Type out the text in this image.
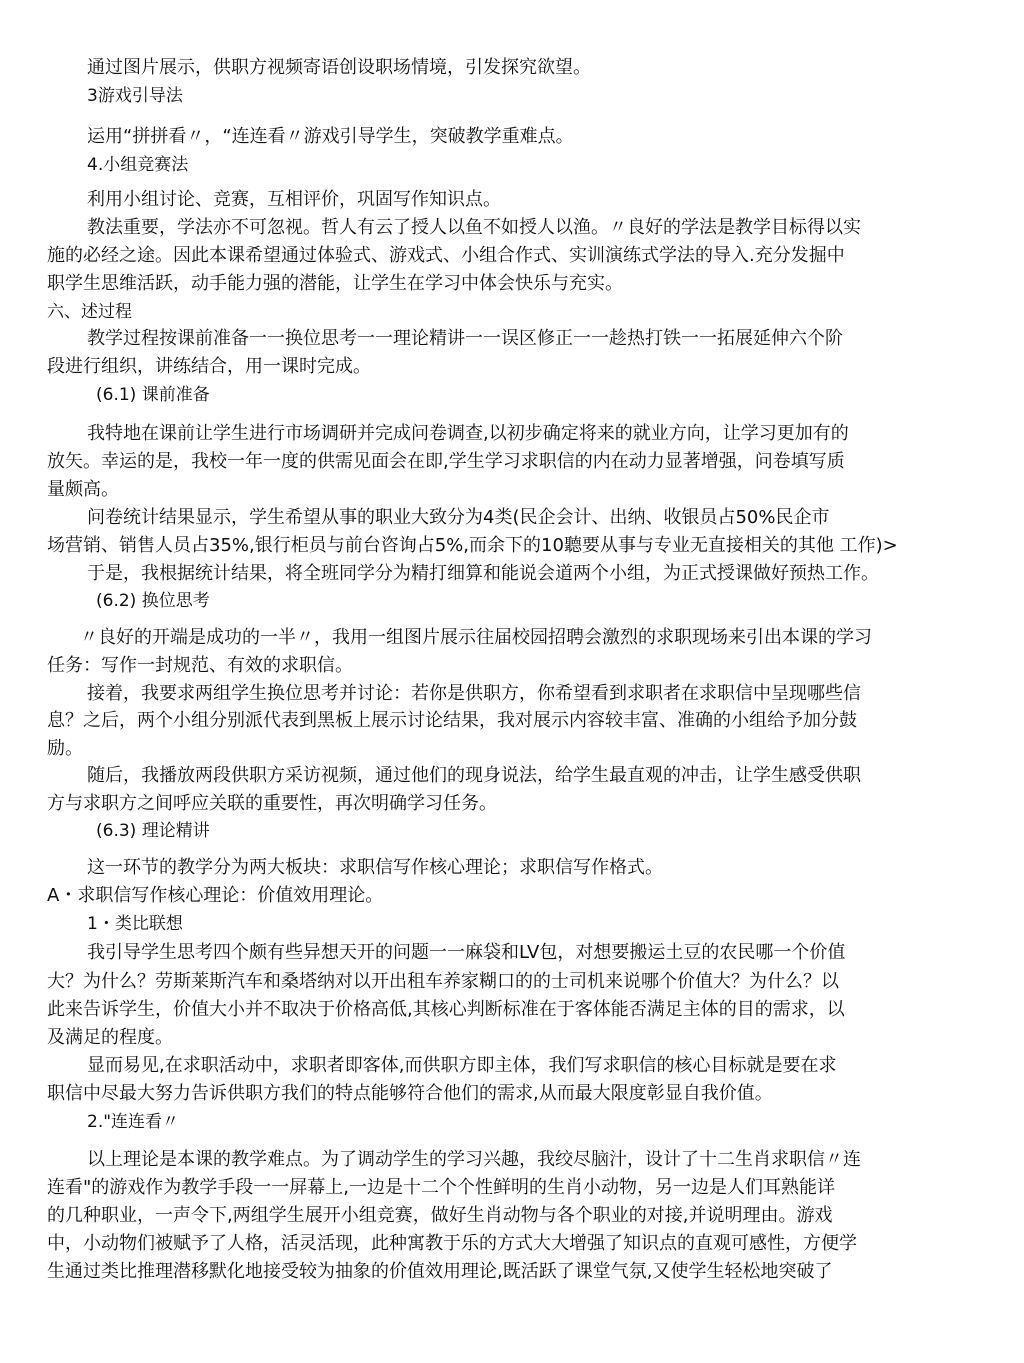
通过图片展示，供职方视频寄语创设职场情境，引发探究欲望。
3游戏引导法
运用“拼拼看〃，“连连看〃游戏引导学生，突破教学重难点。
4.小组竞赛法
利用小组讨论、竞赛，互相评价，巩固写作知识点。
教法重要，学法亦不可忽视。哲人有云了授人以鱼不如授人以渔。〃良好的学法是教学目标得以实
施的必经之途。因此本课希望通过体验式、游戏式、小组合作式、实训演练式学法的导入.充分发掘中
职学生思维活跃，动手能力强的潜能，让学生在学习中体会快乐与充实。
六、述过程
教学过程按课前准备一一换位思考一一理论精讲一一误区修正一一趁热打铁一一拓展延伸六个阶
段进行组织，讲练结合，用一课时完成。
(6.1) 课前准备
我特地在课前让学生进行市场调研并完成问卷调查,以初步确定将来的就业方向，让学习更加有的
放矢。幸运的是，我校一年一度的供需见面会在即,学生学习求职信的内在动力显著增强，问卷填写质
量颇高。
问卷统计结果显示，学生希望从事的职业大致分为4类(民企会计、出纳、收银员占50%民企市
场营销、销售人员占35%,银行柜员与前台咨询占5%,而余下的10聽要从事与专业无直接相关的其他 工作)>
于是，我根据统计结果，将全班同学分为精打细算和能说会道两个小组，为正式授课做好预热工作。
(6.2) 换位思考
〃良好的开端是成功的一半〃，我用一组图片展示往届校园招聘会激烈的求职现场来引出本课的学习
任务：写作一封规范、有效的求职信。
接着，我要求两组学生换位思考并讨论：若你是供职方，你希望看到求职者在求职信中呈现哪些信
息？之后，两个小组分别派代表到黑板上展示讨论结果，我对展示内容较丰富、准确的小组给予加分鼓
励。
随后，我播放两段供职方采访视频，通过他们的现身说法，给学生最直观的冲击，让学生感受供职
方与求职方之间呼应关联的重要性，再次明确学习任务。
(6.3) 理论精讲
这一环节的教学分为两大板块：求职信写作核心理论；求职信写作格式。
A・求职信写作核心理论：价值效用理论。
1・类比联想
我引导学生思考四个颇有些异想天开的问题一一麻袋和LV包，对想要搬运土豆的农民哪一个价值
大？为什么？劳斯莱斯汽车和桑塔纳对以开出租车养家糊口的的士司机来说哪个价值大？为什么？以
此来告诉学生，价值大小并不取决于价格高低,其核心判断标准在于客体能否满足主体的目的需求，以
及满足的程度。
显而易见,在求职活动中，求职者即客体,而供职方即主体，我们写求职信的核心目标就是要在求
职信中尽最大努力告诉供职方我们的特点能够符合他们的需求,从而最大限度彰显自我价值。
2."连连看〃
以上理论是本课的教学难点。为了调动学生的学习兴趣，我绞尽脑汁，设计了十二生肖求职信〃连
连看"的游戏作为教学手段一一屏幕上,一边是十二个个性鲜明的生肖小动物，另一边是人们耳熟能详
的几种职业，一声令下,两组学生展开小组竞赛，做好生肖动物与各个职业的对接,并说明理由。游戏
中，小动物们被赋予了人格，活灵活现，此种寓教于乐的方式大大增强了知识点的直观可感性，方便学
生通过类比推理潜移默化地接受较为抽象的价值效用理论,既活跃了课堂气氛,又使学生轻松地突破了
